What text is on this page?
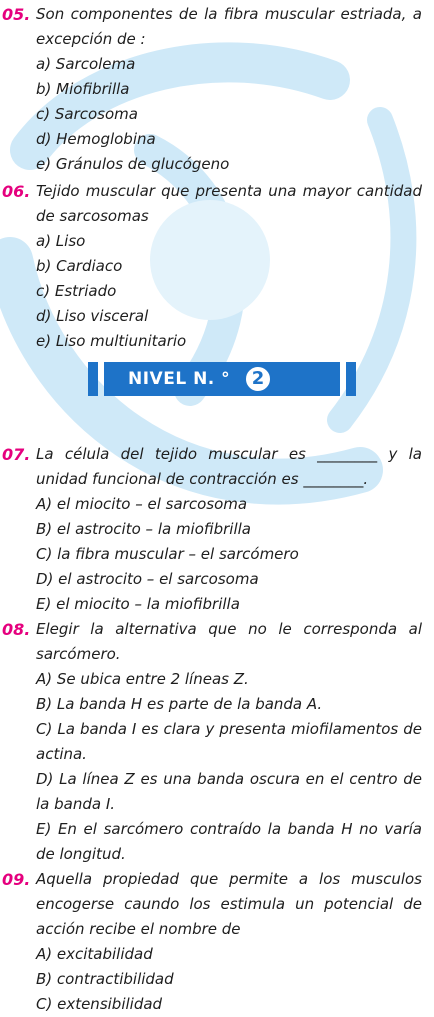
05. Son componentes de la fibra muscular estriada, a excepción de :

a) Sarcolema
b) Miofibrilla
c) Sarcosoma
d) Hemoglobina
e) Gránulos de glucógeno
06. Tejido muscular que presenta una mayor cantidad de sarcosomas

a) Liso
b) Cardiaco
c) Estriado
d) Liso visceral
e) Liso multiunitario
NIVEL N. °	2
07. La célula del tejido muscular es ________ y la unidad funcional de contracción es ________.

A) el miocito – el sarcosoma
B) el astrocito – la miofibrilla
C) la fibra muscular – el sarcómero
D) el astrocito – el sarcosoma
E) el miocito – la miofibrilla
08. Elegir la alternativa que no le corresponda al sarcómero.

A) Se ubica entre 2 líneas Z.
B) La banda H es parte de la banda A.
C) La banda I es clara y presenta miofilamentos de actina.
D) La línea Z es una banda oscura en el centro de la banda I.
E) En el sarcómero contraído la banda H no varía de longitud.
09. Aquella propiedad que permite a los musculos encogerse caundo los estimula un potencial de acción recibe el nombre de

A) excitabilidad
B) contractibilidad
C) extensibilidad
